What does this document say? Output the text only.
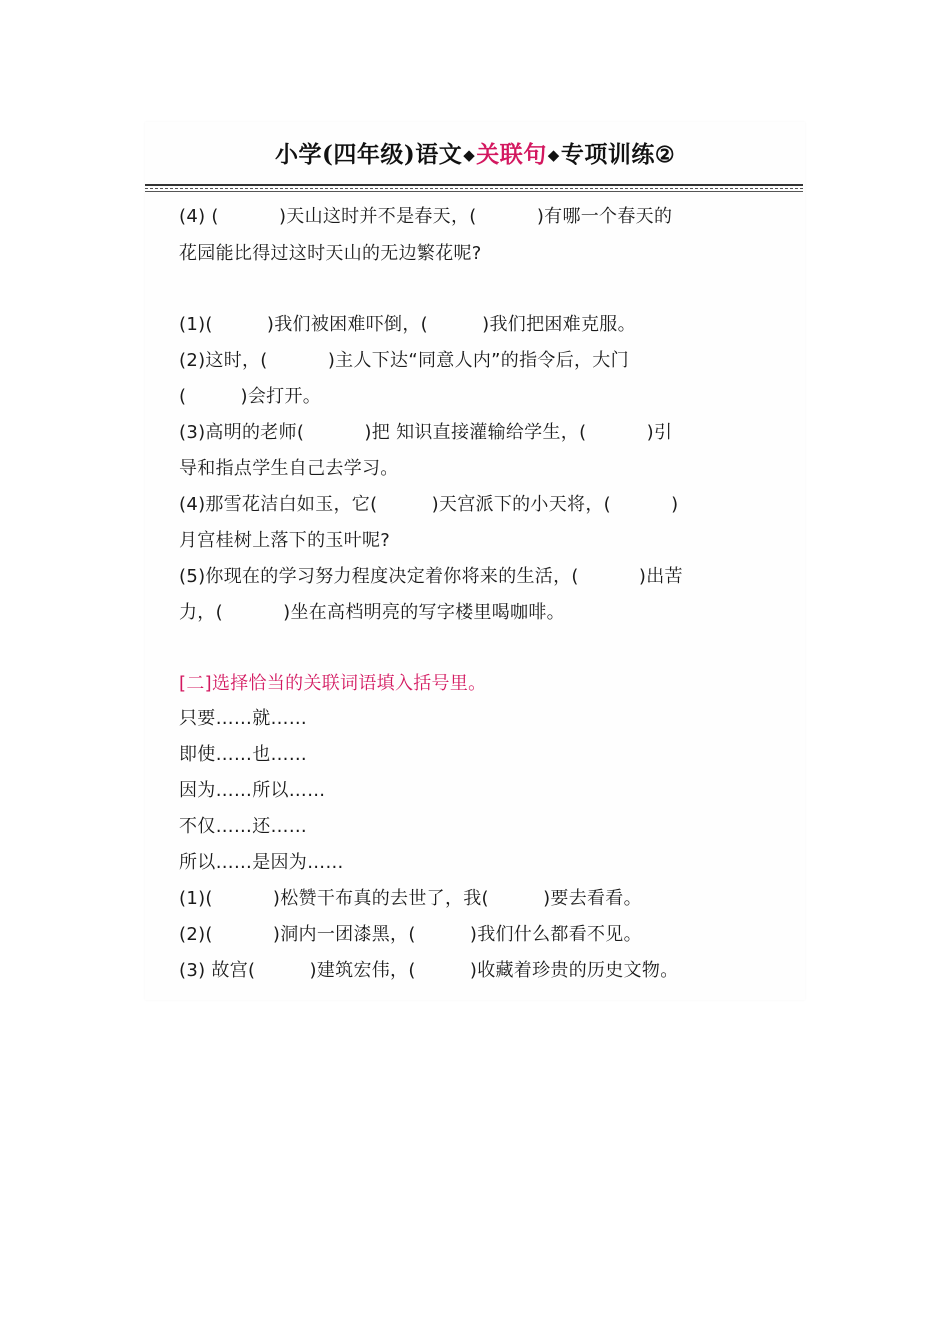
小学(四年级)语文◆关联句◆专项训练②
(4) (          )天山这时并不是春天，(          )有哪一个春天的
花园能比得过这时天山的无边繁花呢?
(1)(         )我们被困难吓倒，(         )我们把困难克服。
(2)这时，(          )主人下达“同意人内”的指令后，大门
(         )会打开。
(3)高明的老师(          )把 知识直接灌输给学生，(          )引
导和指点学生自己去学习。
(4)那雪花洁白如玉，它(         )天宫派下的小天将，(          )
月宫桂树上落下的玉叶呢?
(5)你现在的学习努力程度决定着你将来的生活，(          )出苦
力，(          )坐在高档明亮的写字楼里喝咖啡。
[二]选择恰当的关联词语填入括号里。
只要……就……
即使……也……
因为……所以……
不仅……还……
所以……是因为……
(1)(          )松赞干布真的去世了，我(         )要去看看。
(2)(          )洞内一团漆黑，(         )我们什么都看不见。
(3) 故宫(         )建筑宏伟，(         )收藏着珍贵的历史文物。
